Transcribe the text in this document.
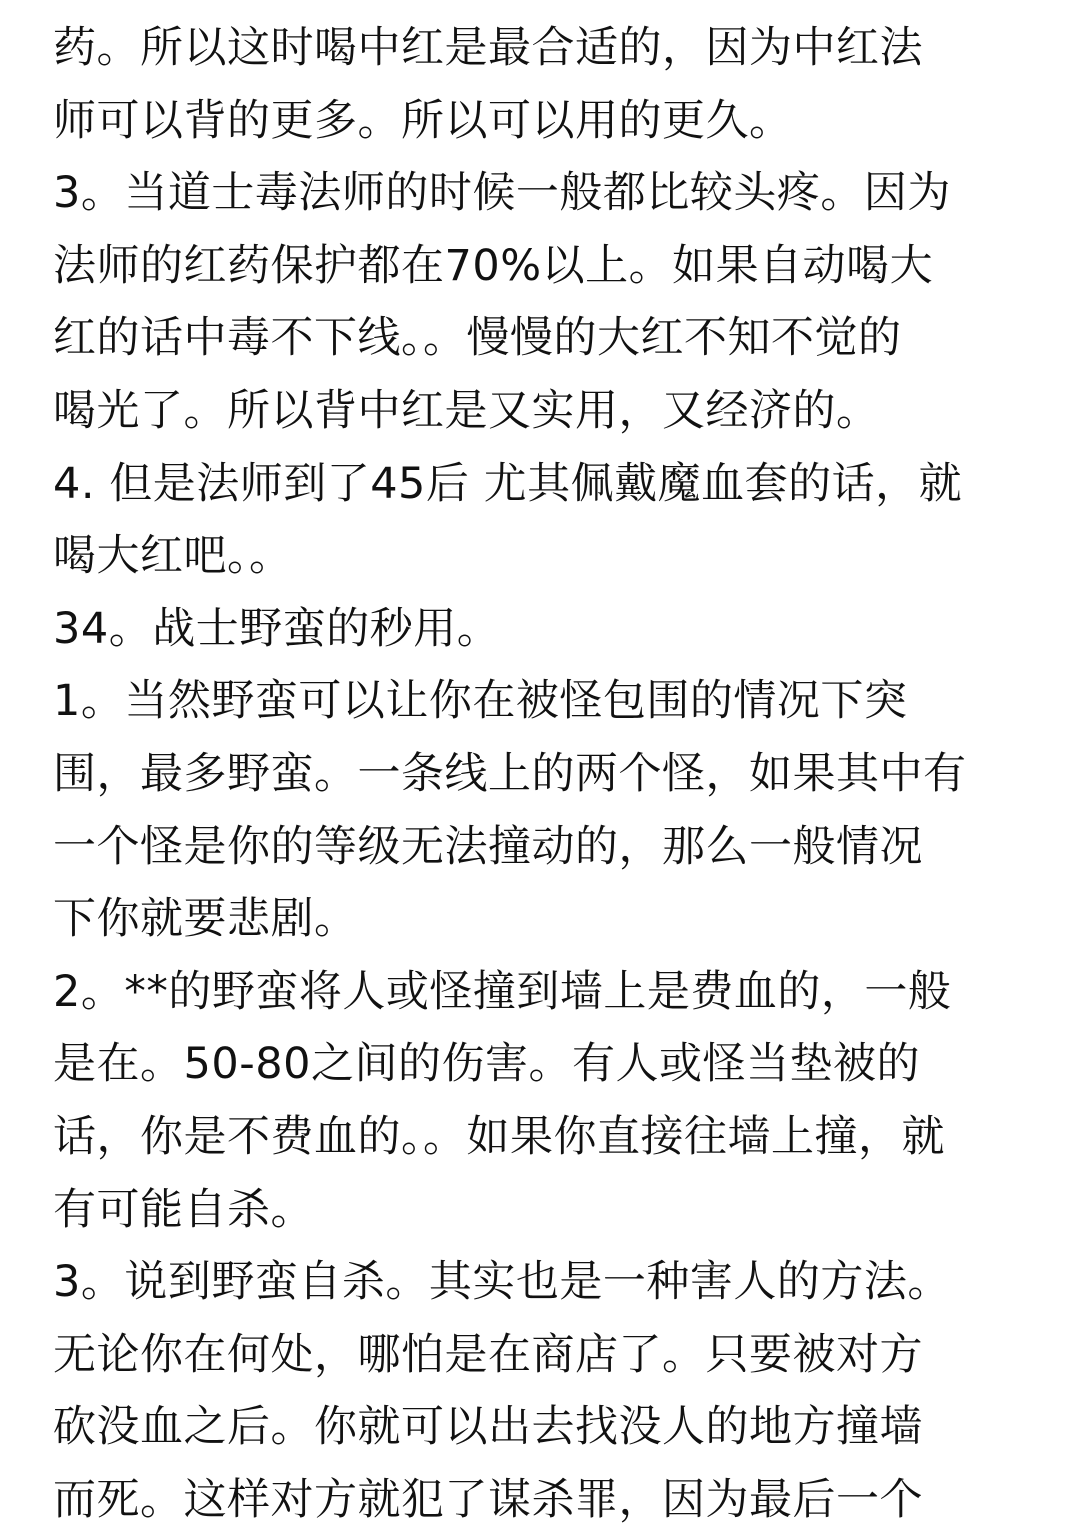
药。所以这时喝中红是最合适的，因为中红法
师可以背的更多。所以可以用的更久。
3。当道士毒法师的时候一般都比较头疼。因为
法师的红药保护都在70%以上。如果自动喝大
红的话中毒不下线。。慢慢的大红不知不觉的
喝光了。所以背中红是又实用，又经济的。
4. 但是法师到了45后 尤其佩戴魔血套的话，就
喝大红吧。。
34。战士野蛮的秒用。
1。当然野蛮可以让你在被怪包围的情况下突
围，最多野蛮。一条线上的两个怪，如果其中有
一个怪是你的等级无法撞动的，那么一般情况
下你就要悲剧。
2。**的野蛮将人或怪撞到墙上是费血的，一般
是在。50-80之间的伤害。有人或怪当垫被的
话，你是不费血的。。如果你直接往墙上撞，就
有可能自杀。
3。说到野蛮自杀。其实也是一种害人的方法。
无论你在何处，哪怕是在商店了。只要被对方
砍没血之后。你就可以出去找没人的地方撞墙
而死。这样对方就犯了谋杀罪，因为最后一个
